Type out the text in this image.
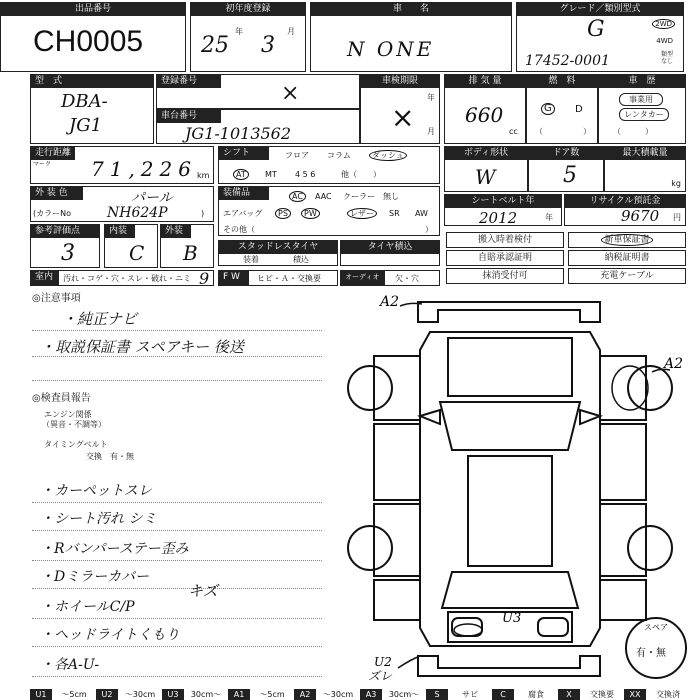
出品番号
CH0005
初年度登録
25
年
3
月
車　　名
N ONE
グレード／類別型式
G
17452-0001
2WD
4WD
類型
なし
型　式
DBA-
JG1
登録番号	×
車台番号
JG1-1013562
車検期限
×
年
月
排 気 量
660
cc
燃　料
G	D
（	）
車　歴
事業用
レンタカー
（　　　）
走行距離
マーク 71,226 km
シフト	フロア コラム	ダッシュ
AT	MT 4 5 6	他（　　）
ボディ形状
W
ドア数
5
最大積載量
kg
外 装 色	パール
(カラーNo	NH624P	)
装備品	AC	AAC クーラー 無し
エアバッグ	PS	PW	レザー	SR AW
その他（	）
シートベルト年
2012	年
リサイクル預託金
9670 円
参考評価点
3
内装
C
外装
B	スタッドレスタイヤ
装着	積込
タイヤ積込
室内	汚れ・コゲ・穴・スレ・破れ・ニミ 9	F W	ヒビ・Ａ・交換要	オーディオ	欠・穴
搬入時着検付	新車保証書
自賠承認証明	納税証明書
抹消受付可	充電ケーブル
◎注意事項
・純正ナビ
・取説保証書 スペアキー 後送
◎検査員報告
エンジン関係
（異音・不調等）
タイミングベルト
交換　有・無
・カーペットスレ
・シート汚れ シミ
・Rバンパーステー歪み
・Dミラーカバー
・ホイールC/P
・ヘッドライトくもり
・各A-U-
キズ
A2
A2
U3
U2
ズレ
スペア
有・無
U1	～5cm	U2	～30cm	U3	30cm～	A1	～5cm	A2	～30cm	A3	30cm～	S	サビ	C	腐食	X	交換要	XX	交換済
